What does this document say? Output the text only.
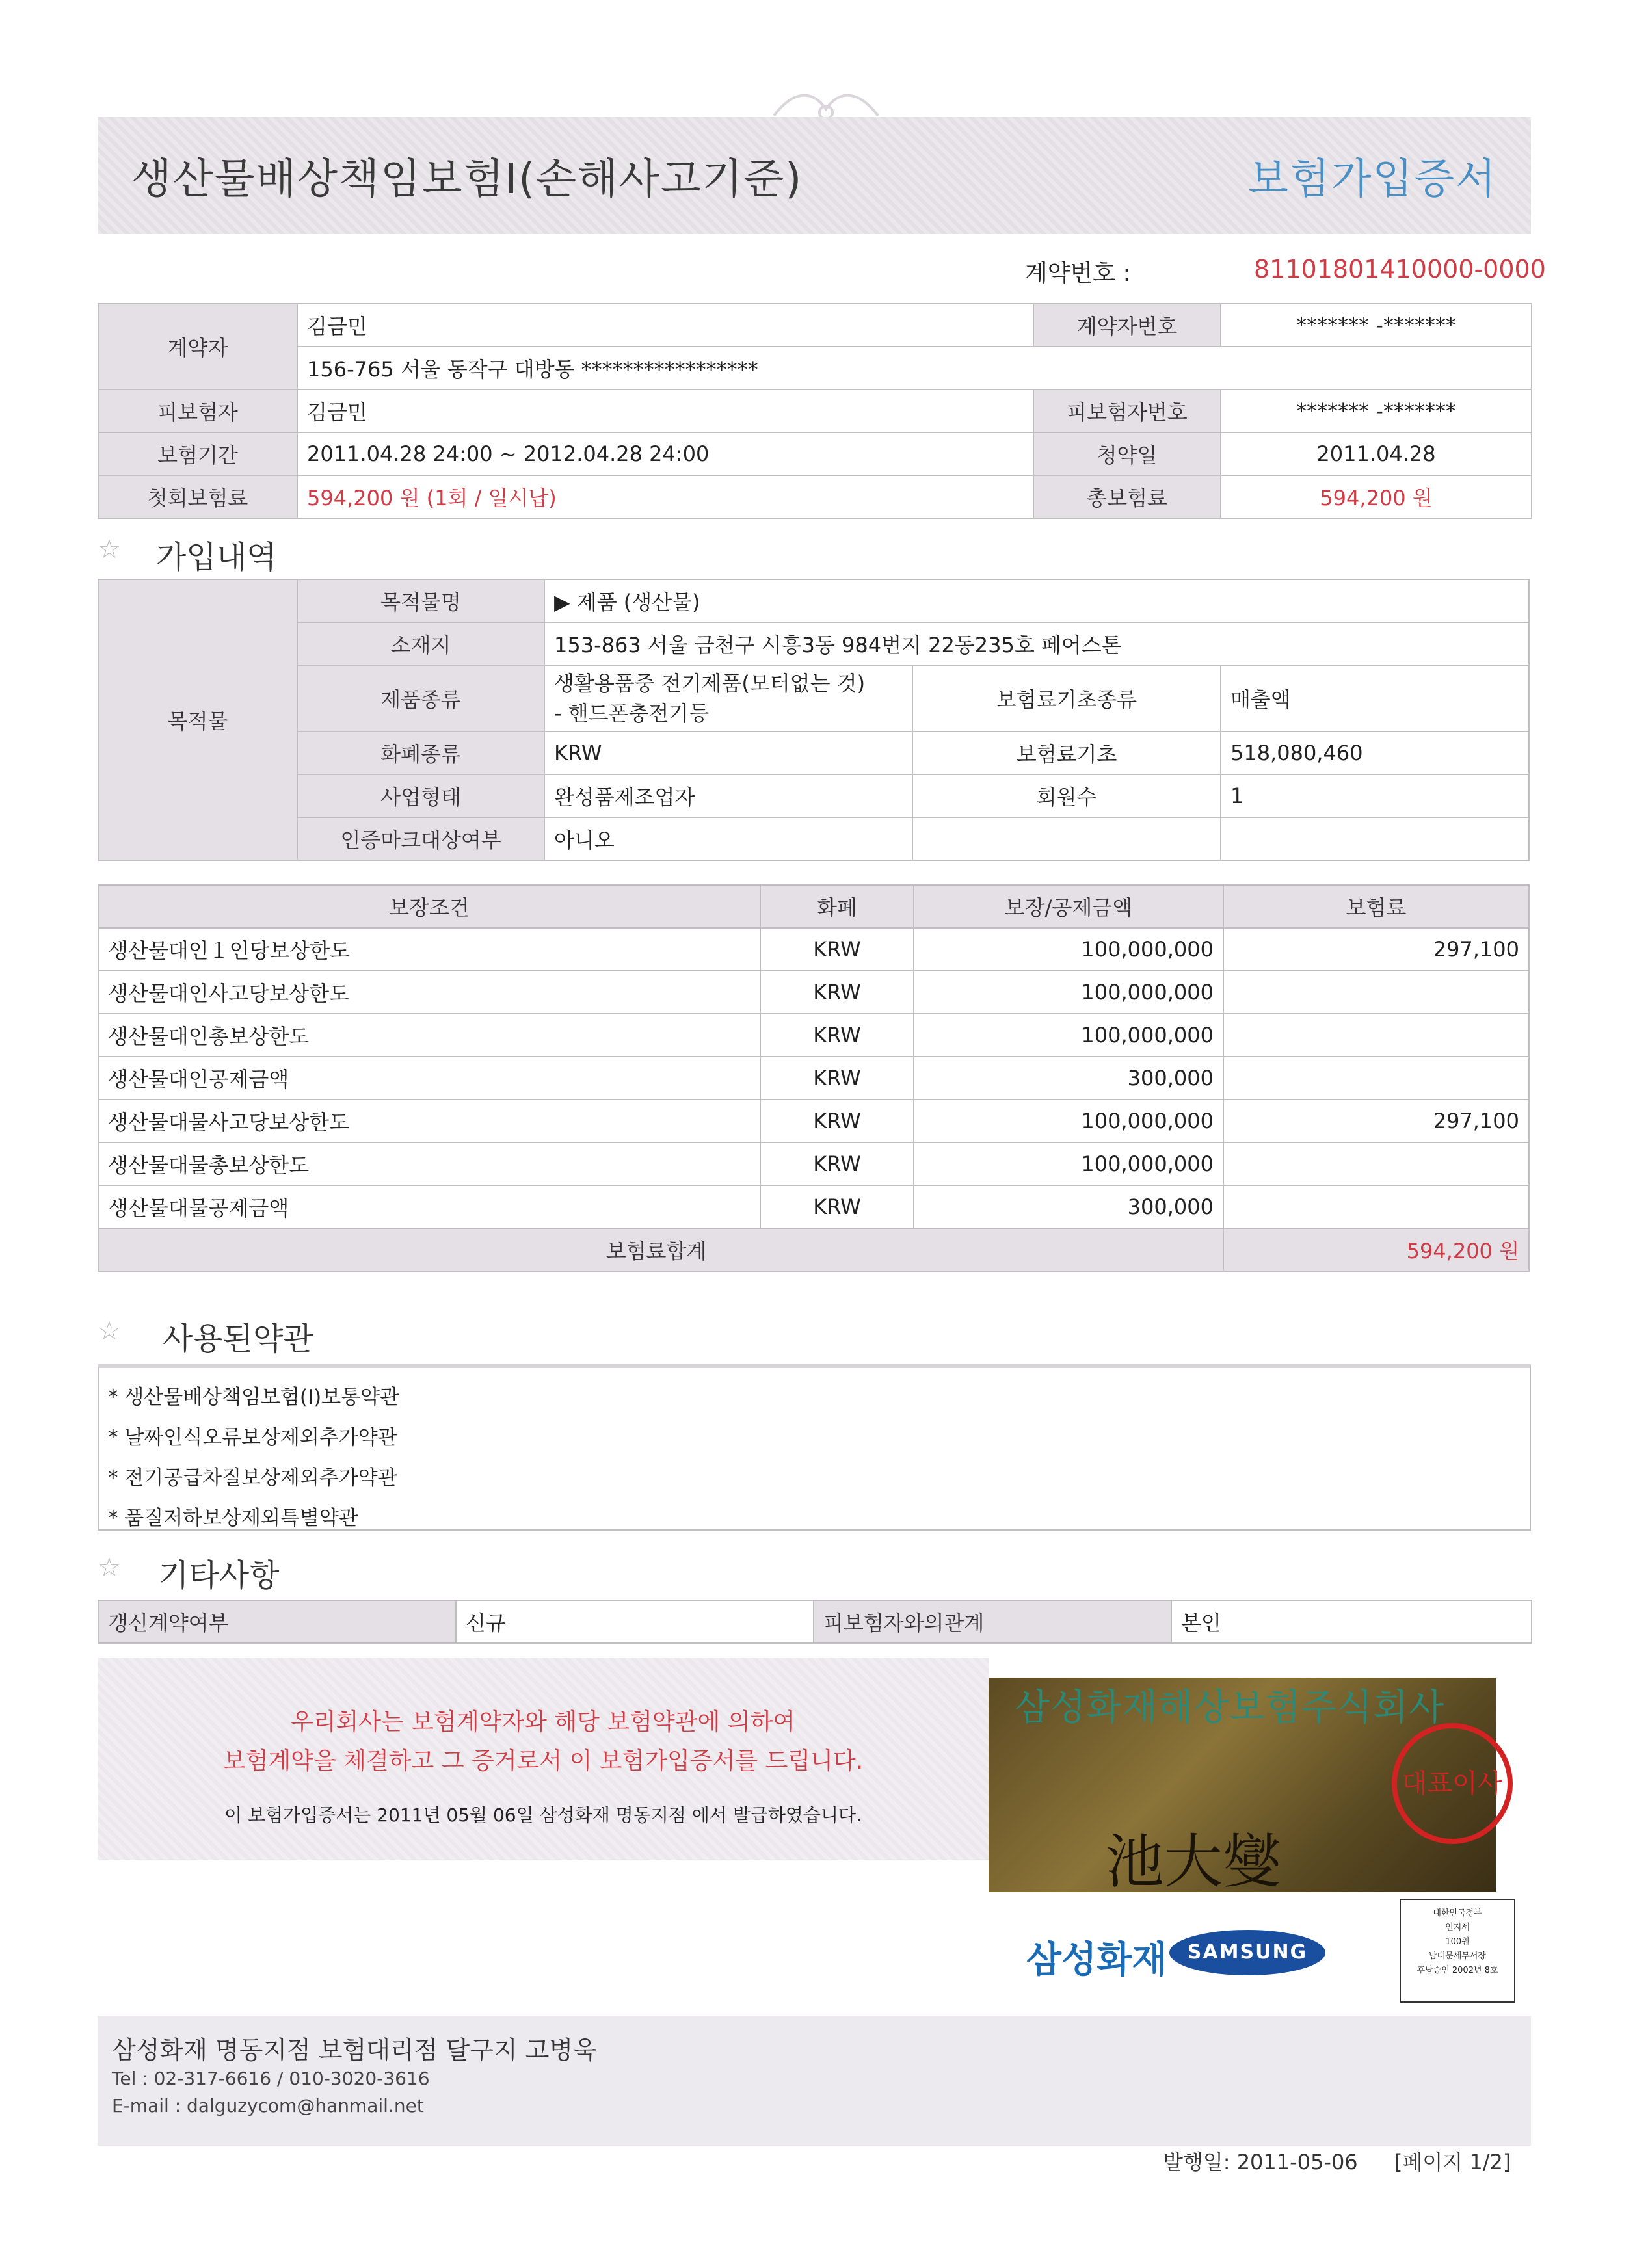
생산물배상책임보험Ⅰ(손해사고기준)	보험가입증서
계약번호 :	81101801410000-0000
계약자	김금민	계약자번호	******* -*******
	156-765 서울 동작구 대방동 *****************		
피보험자	김금민	피보험자번호	******* -*******
보험기간	2011.04.28 24:00 ~ 2012.04.28 24:00	청약일	2011.04.28
첫회보험료	594,200 원 (1회 / 일시납)	총보험료	594,200 원
☆ 가입내역
목적물	목적물명	▶ 제품 (생산물)		
	소재지	153-863 서울 금천구 시흥3동 984번지 22동235호 페어스톤		
	제품종류	생활용품중 전기제품(모터없는 것)
- 핸드폰충전기등	보험료기초종류	매출액
	화폐종류	KRW	보험료기초	518,080,460
	사업형태	완성품제조업자	회원수	1
	인증마크대상여부	아니오		
보장조건	화폐	보장/공제금액	보험료
생산물대인１인당보상한도	KRW	100,000,000	297,100
생산물대인사고당보상한도	KRW	100,000,000	
생산물대인총보상한도	KRW	100,000,000	
생산물대인공제금액	KRW	300,000	
생산물대물사고당보상한도	KRW	100,000,000	297,100
생산물대물총보상한도	KRW	100,000,000	
생산물대물공제금액	KRW	300,000	
보험료합계			594,200 원
☆ 사용된약관
* 생산물배상책임보험(I)보통약관
* 날짜인식오류보상제외추가약관
* 전기공급차질보상제외추가약관
* 품질저하보상제외특별약관
☆ 기타사항
갱신계약여부	신규	피보험자와의관계	본인
우리회사는 보험계약자와 해당 보험약관에 의하여
보험계약을 체결하고 그 증거로서 이 보험가입증서를 드립니다.
이 보험가입증서는 2011년 05월 06일 삼성화재 명동지점 에서 발급하였습니다.
삼성화재해상보험주식회사
池大燮
대표이사
삼성화재	SAMSUNG
대한민국정부
인지세
100원
남대문세무서장
후납승인 2002년 8호
삼성화재 명동지점 보험대리점 달구지 고병욱
Tel : 02-317-6616 / 010-3020-3616
E-mail : dalguzycom@hanmail.net
발행일: 2011-05-06 [페이지 1/2]
